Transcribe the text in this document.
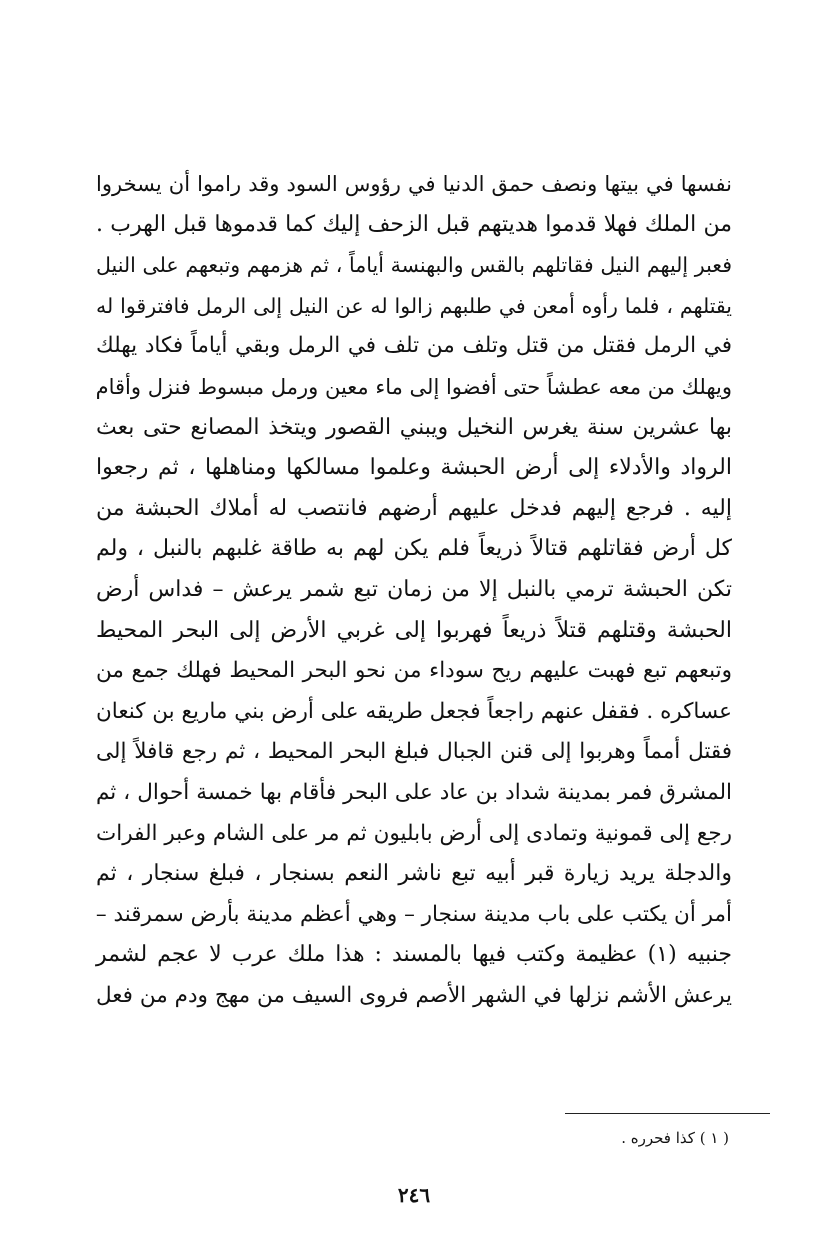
نفسها في بيتها ونصف حمق الدنيا في رؤوس السود وقد راموا أن يسخروا
من الملك فهلا قدموا هديتهم قبل الزحف إليك كما قدموها قبل الهرب .
فعبر إليهم النيل فقاتلهم بالقس والبهنسة أياماً ، ثم هزمهم وتبعهم على النيل
يقتلهم ، فلما رأوه أمعن في طلبهم زالوا له عن النيل إلى الرمل فافترقوا له
في الرمل فقتل من قتل وتلف من تلف في الرمل وبقي أياماً فكاد يهلك
ويهلك من معه عطشاً حتى أفضوا إلى ماء معين ورمل مبسوط فنزل وأقام
بها عشرين سنة يغرس النخيل ويبني القصور ويتخذ المصانع حتى بعث
الرواد والأدلاء إلى أرض الحبشة وعلموا مسالكها ومناهلها ، ثم رجعوا
إليه . فرجع إليهم فدخل عليهم أرضهم فانتصب له أملاك الحبشة من
كل أرض فقاتلهم قتالاً ذريعاً فلم يكن لهم به طاقة غلبهم بالنبل ، ولم
تكن الحبشة ترمي بالنبل إلا من زمان تبع شمر يرعش – فداس أرض
الحبشة وقتلهم قتلاً ذريعاً فهربوا إلى غربي الأرض إلى البحر المحيط
وتبعهم تبع فهبت عليهم ريح سوداء من نحو البحر المحيط فهلك جمع من
عساكره . فقفل عنهم راجعاً فجعل طريقه على أرض بني ماريع بن كنعان
فقتل أمماً وهربوا إلى قنن الجبال فبلغ البحر المحيط ، ثم رجع قافلاً إلى
المشرق فمر بمدينة شداد بن عاد على البحر فأقام بها خمسة أحوال ، ثم
رجع إلى قمونية وتمادى إلى أرض بابليون ثم مر على الشام وعبر الفرات
والدجلة يريد زيارة قبر أبيه تبع ناشر النعم بسنجار ، فبلغ سنجار ، ثم
أمر أن يكتب على باب مدينة سنجار – وهي أعظم مدينة بأرض سمرقند –
جنبيه (١) عظيمة وكتب فيها بالمسند : هذا ملك عرب لا عجم لشمر
يرعش الأشم نزلها في الشهر الأصم فروى السيف من مهج ودم من فعل
( ١ ) كذا فحرره .
٢٤٦
